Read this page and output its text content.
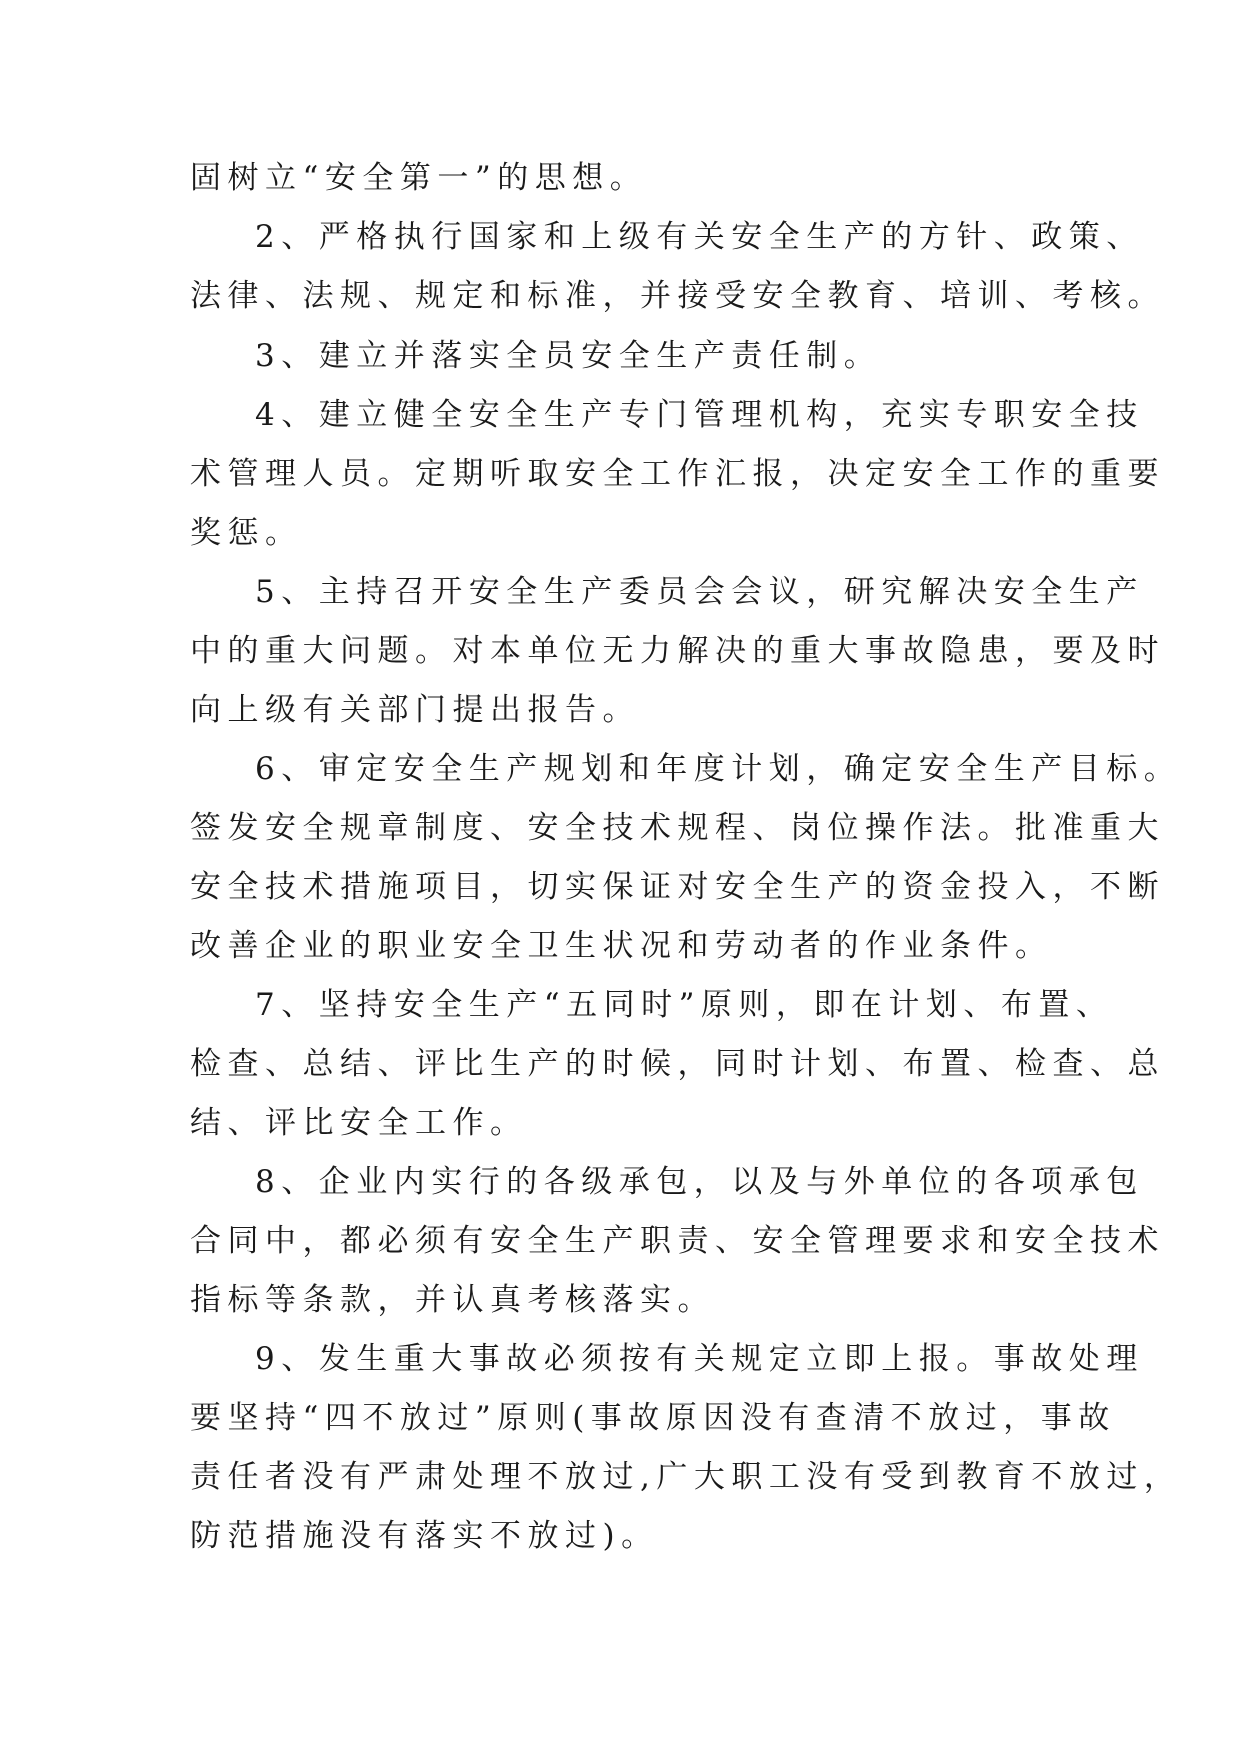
固树立“安全第一”的思想。
2、严格执行国家和上级有关安全生产的方针、政策、
法律、法规、规定和标准，并接受安全教育、培训、考核。
3、建立并落实全员安全生产责任制。
4、建立健全安全生产专门管理机构，充实专职安全技
术管理人员。定期听取安全工作汇报，决定安全工作的重要
奖惩。
5、主持召开安全生产委员会会议，研究解决安全生产
中的重大问题。对本单位无力解决的重大事故隐患，要及时
向上级有关部门提出报告。
6、审定安全生产规划和年度计划，确定安全生产目标。
签发安全规章制度、安全技术规程、岗位操作法。批准重大
安全技术措施项目，切实保证对安全生产的资金投入，不断
改善企业的职业安全卫生状况和劳动者的作业条件。
7、坚持安全生产“五同时”原则，即在计划、布置、
检查、总结、评比生产的时候，同时计划、布置、检查、总
结、评比安全工作。
8、企业内实行的各级承包，以及与外单位的各项承包
合同中，都必须有安全生产职责、安全管理要求和安全技术
指标等条款，并认真考核落实。
9、发生重大事故必须按有关规定立即上报。事故处理
要坚持“四不放过”原则(事故原因没有查清不放过，事故
责任者没有严肃处理不放过,广大职工没有受到教育不放过，
防范措施没有落实不放过)。
